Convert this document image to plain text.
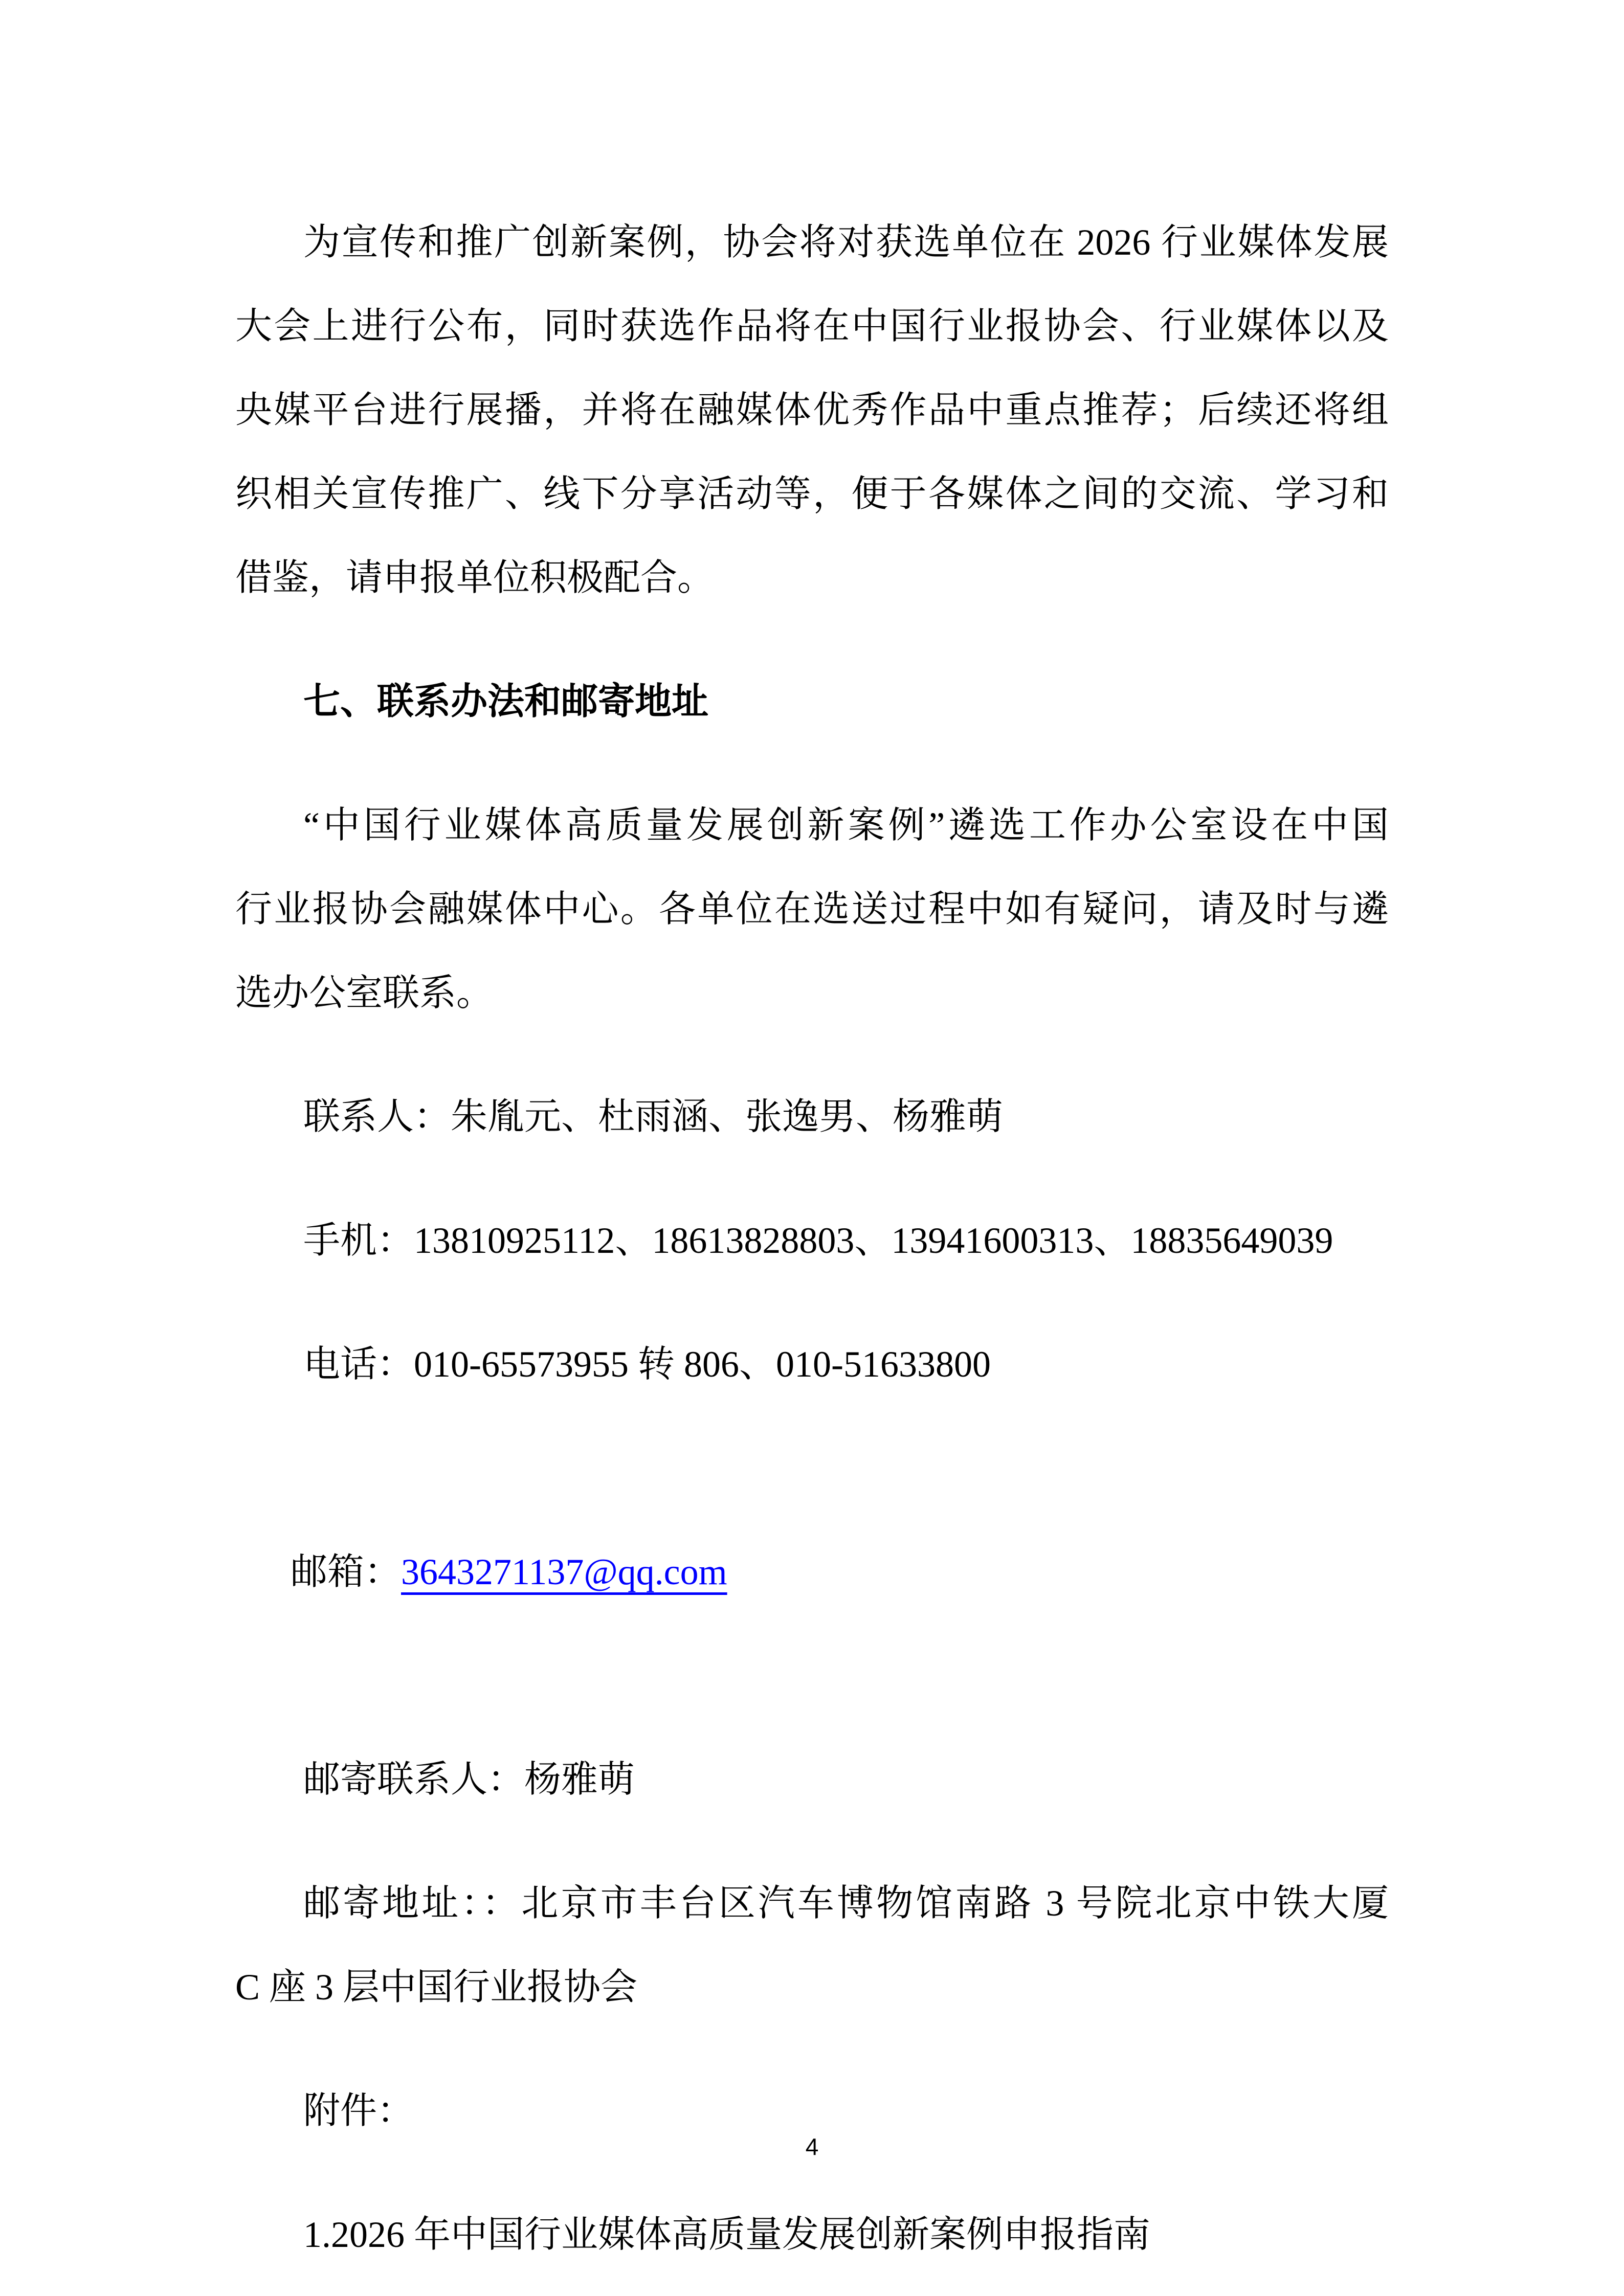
为宣传和推广创新案例，协会将对获选单位在 2026 行业媒体发展
大会上进行公布，同时获选作品将在中国行业报协会、行业媒体以及
央媒平台进行展播，并将在融媒体优秀作品中重点推荐；后续还将组
织相关宣传推广、线下分享活动等，便于各媒体之间的交流、学习和
借鉴，请申报单位积极配合。
七、联系办法和邮寄地址
“中国行业媒体高质量发展创新案例”遴选工作办公室设在中国
行业报协会融媒体中心。各单位在选送过程中如有疑问，请及时与遴
选办公室联系。
联系人：朱胤元、杜雨涵、张逸男、杨雅萌
手机：13810925112、18613828803、13941600313、18835649039
电话：010-65573955 转 806、010-51633800

邮箱：3643271137@qq.com

邮寄联系人：杨雅萌
邮寄地址：：北京市丰台区汽车博物馆南路 3 号院北京中铁大厦
C 座 3 层中国行业报协会
附件：
1.2026 年中国行业媒体高质量发展创新案例申报指南
4
